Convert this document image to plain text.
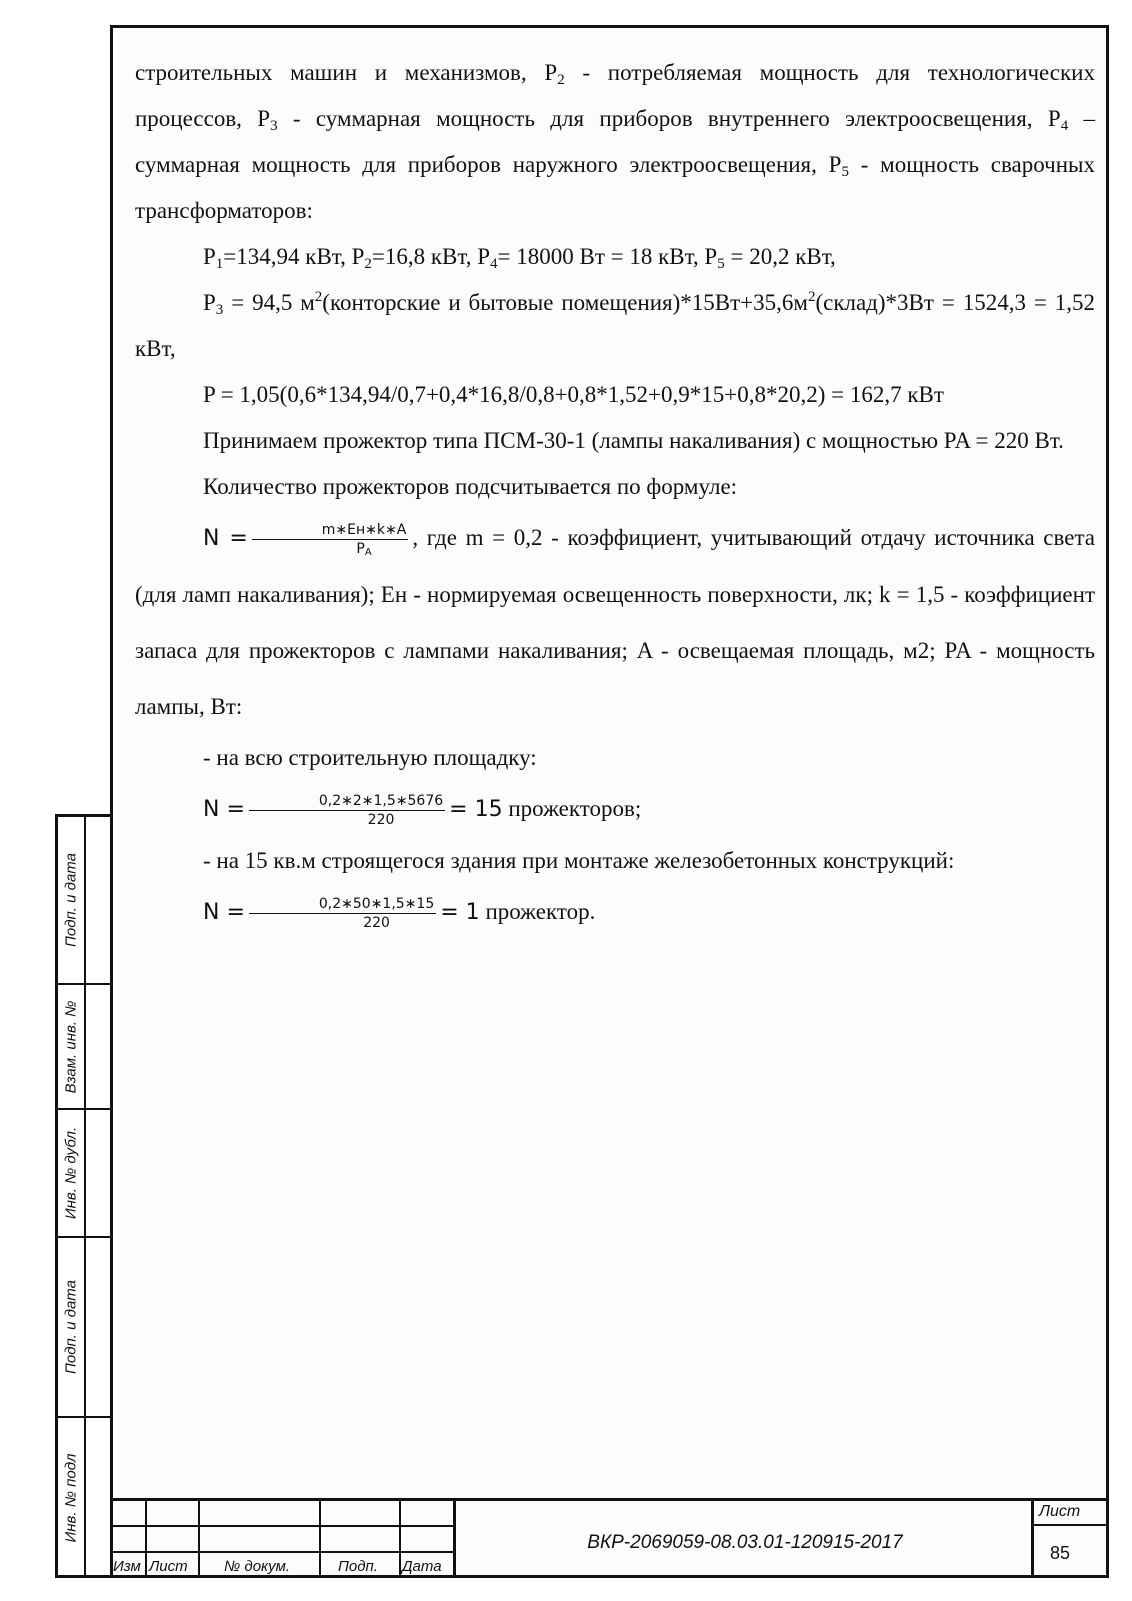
Подп. и дата
Взам. инв. №
Инв. № дубл.
Подп. и дата
Инв. № подл

строительных машин и механизмов, $P_2$ - потребляемая мощность для технологических процессов, $P_3$ - суммарная мощность для приборов внутреннего электроосвещения, $P_4$ – суммарная мощность для приборов наружного электроосвещения, $P_5$ - мощность сварочных трансформаторов:

$P_1=134,94$ кВт, $P_2=16,8$ кВт, $P_4= 18000$ Вт = 18 кВт, $P_5 = 20,2$ кВт,

$P_3 = 94,5$ $м^2(конторские$ и бытовые $помещения)*15Вт+35,6м^2(склад)*3Вт = 1524,3 = 1,52$ кВт,

P = 1,05(0,6*134,94/0,7+0,4*16,8/0,8+0,8*1,52+0,9*15+0,8*20,2) = 162,7 кВт

Принимаем прожектор типа ПСМ-30-1 (лампы накаливания) с мощностью PA = 220 Вт.

Количество прожекторов подсчитывается по формуле:

$N = \frac{m∗Eн∗k∗A}{P_A}$ , где m = 0,2 - коэффициент, учитывающий отдачу источника света (для ламп накаливания); Ен - нормируемая освещенность поверхности, лк; k = 1,5 - коэффициент запаса для прожекторов с лампами накаливания; A - освещаемая площадь, м2; PA - мощность лампы, Вт:

- на всю строительную площадку:

$N = \frac{0,2∗2∗1,5∗5676}{220} = 15$ прожекторов;

- на 15 кв.м строящегося здания при монтаже железобетонных конструкций:

$N = \frac{0,2∗50∗1,5∗15}{220} = 1$ прожектор.

Изм Лист № докум.	Подп. Дата
Лист
85
ВКР-2069059-08.03.01-120915-2017
